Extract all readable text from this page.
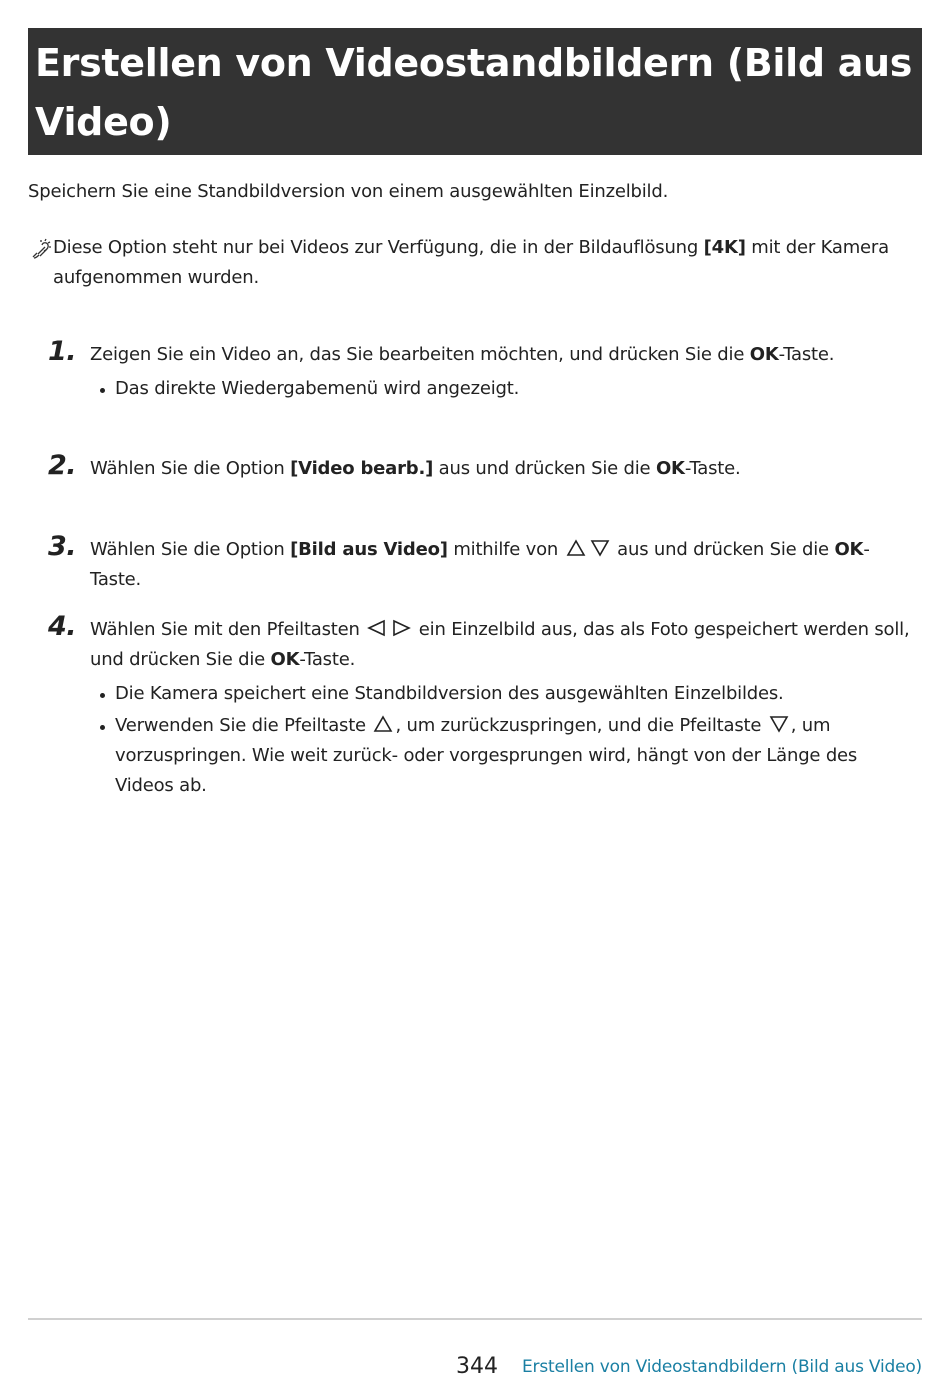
Erstellen von Videostandbildern (Bild aus Video)
Speichern Sie eine Standbildversion von einem ausgewählten Einzelbild.
Diese Option steht nur bei Videos zur Verfügung, die in der Bildauflösung [4K] mit der Kamera aufgenommen wurden.
1. Zeigen Sie ein Video an, das Sie bearbeiten möchten, und drücken Sie die OK-Taste.
Das direkte Wiedergabemenü wird angezeigt.
2. Wählen Sie die Option [Video bearb.] aus und drücken Sie die OK-Taste.
3. Wählen Sie die Option [Bild aus Video] mithilfe von	aus und drücken Sie die OK-Taste.
4. Wählen Sie mit den Pfeiltasten	ein Einzelbild aus, das als Foto gespeichert werden soll, und drücken Sie die OK-Taste.
Die Kamera speichert eine Standbildversion des ausgewählten Einzelbildes.
Verwenden Sie die Pfeiltaste , um zurückzuspringen, und die Pfeiltaste , um vorzuspringen. Wie weit zurück- oder vorgesprungen wird, hängt von der Länge des Videos ab.
344 Erstellen von Videostandbildern (Bild aus Video)
